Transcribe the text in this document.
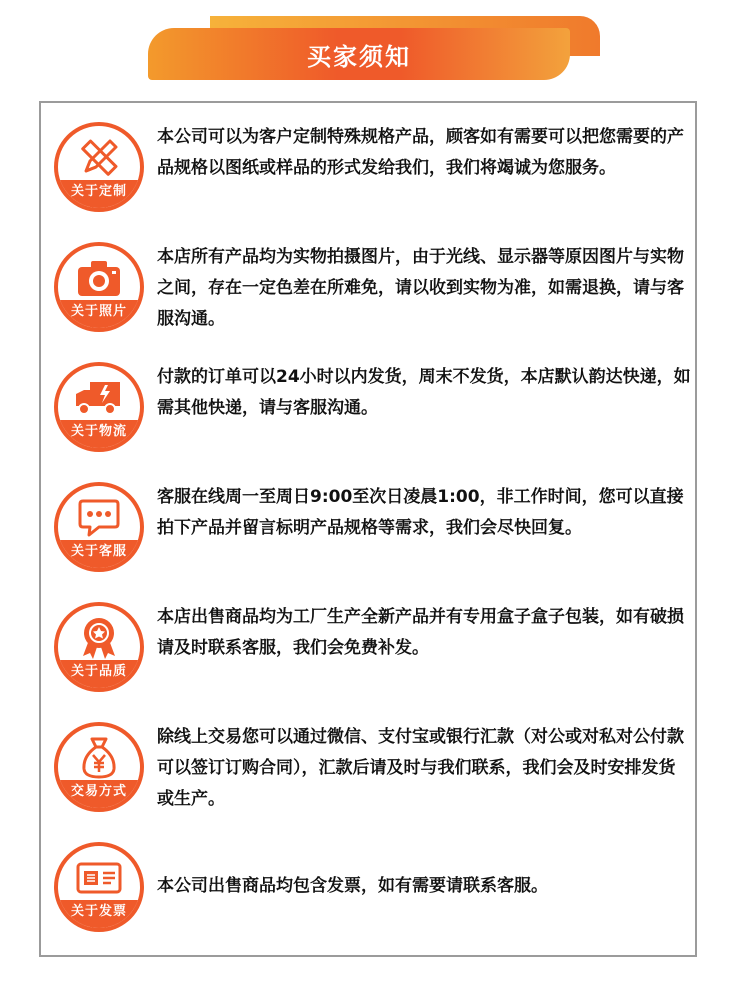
买家须知
关于定制
本公司可以为客户定制特殊规格产品，顾客如有需要可以把您需要的产品规格以图纸或样品的形式发给我们，我们将竭诚为您服务。
关于照片
本店所有产品均为实物拍摄图片，由于光线、显示器等原因图片与实物之间，存在一定色差在所难免，请以收到实物为准，如需退换，请与客服沟通。
关于物流
付款的订单可以24小时以内发货，周末不发货，本店默认韵达快递，如需其他快递，请与客服沟通。
关于客服
客服在线周一至周日9:00至次日凌晨1:00，非工作时间，您可以直接拍下产品并留言标明产品规格等需求，我们会尽快回复。
关于品质
本店出售商品均为工厂生产全新产品并有专用盒子盒子包装，如有破损请及时联系客服，我们会免费补发。
交易方式
除线上交易您可以通过微信、支付宝或银行汇款（对公或对私对公付款可以签订订购合同），汇款后请及时与我们联系，我们会及时安排发货或生产。
关于发票
本公司出售商品均包含发票，如有需要请联系客服。
